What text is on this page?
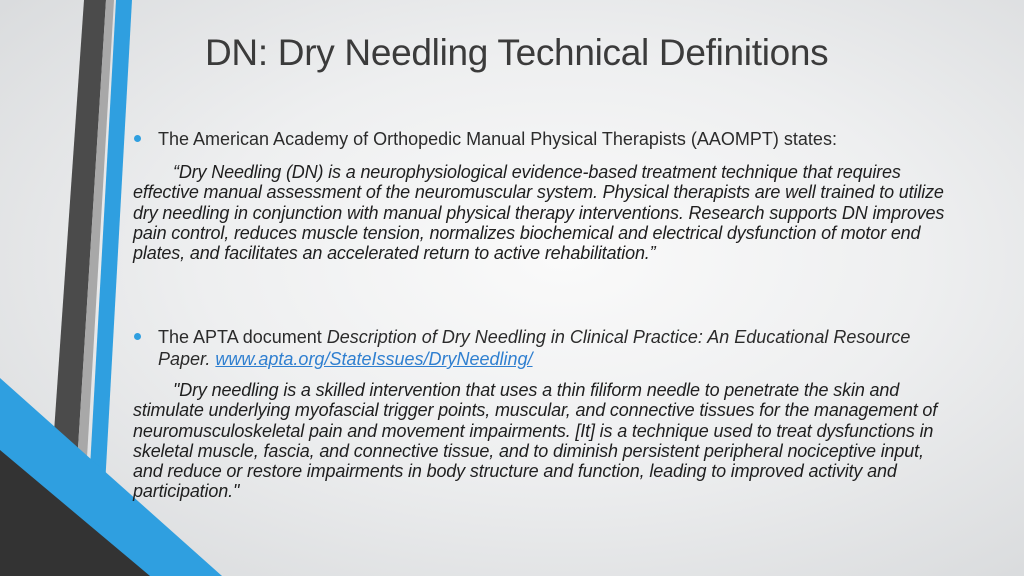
DN: Dry Needling Technical Definitions
The American Academy of Orthopedic Manual Physical Therapists (AAOMPT) states:
“Dry Needling (DN) is a neurophysiological evidence-based treatment technique that requires effective manual assessment of the neuromuscular system. Physical therapists are well trained to utilize dry needling in conjunction with manual physical therapy interventions. Research supports DN improves pain control, reduces muscle tension, normalizes biochemical and electrical dysfunction of motor end plates, and facilitates an accelerated return to active rehabilitation.”
The APTA document Description of Dry Needling in Clinical Practice: An Educational Resource Paper. www.apta.org/StateIssues/DryNeedling/
"Dry needling is a skilled intervention that uses a thin filiform needle to penetrate the skin and stimulate underlying myofascial trigger points, muscular, and connective tissues for the management of neuromusculoskeletal pain and movement impairments. [It] is a technique used to treat dysfunctions in skeletal muscle, fascia, and connective tissue, and to diminish persistent peripheral nociceptive input, and reduce or restore impairments in body structure and function, leading to improved activity and participation."
